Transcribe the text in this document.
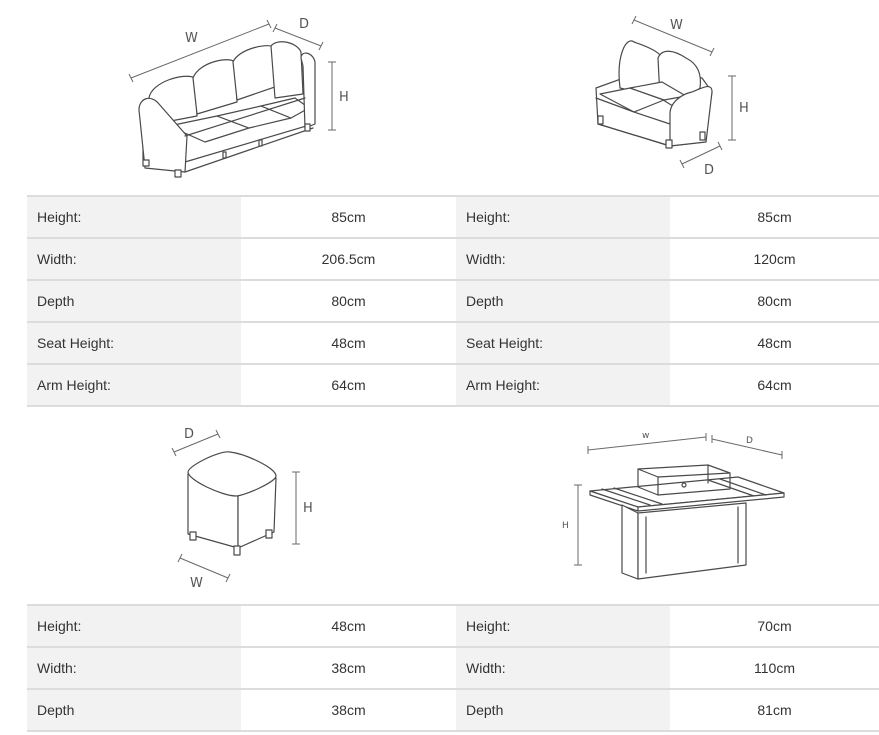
W
D
H
W
H
D
D
H
W
w	D
H
Height:	85cm	Height:	85cm
Width:	206.5cm	Width:	120cm
Depth	80cm	Depth	80cm
Seat Height:	48cm	Seat Height:	48cm
Arm Height:	64cm	Arm Height:	64cm
Height:	48cm	Height:	70cm
Width:	38cm	Width:	110cm
Depth	38cm	Depth	81cm
